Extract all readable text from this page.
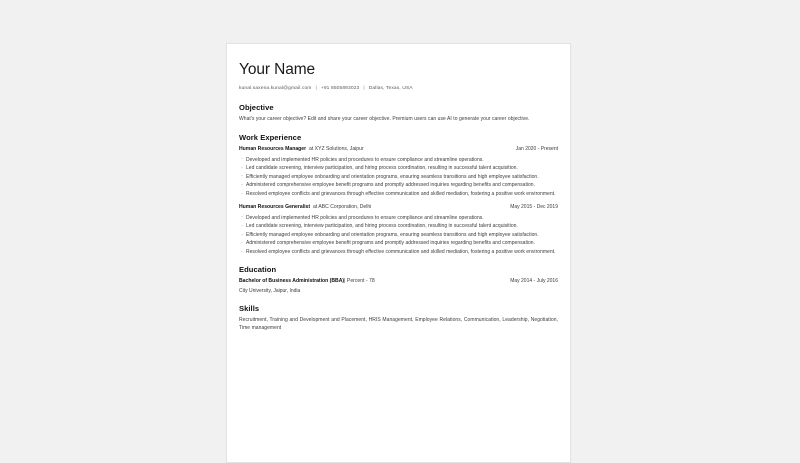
Your Name
kunal.saxena.kunal@gmail.com | +91 8505893023 | Dallas, Texas, USA
Objective

What's your career objective? Edit and share your career objective. Premium users can use AI to generate your career objective.

Work Experience
Human Resources Manager at XYZ Solutions, Jaipur	Jan 2020 - Present
· Developed and implemented HR policies and procedures to ensure compliance and streamline operations.
· Led candidate screening, interview participation, and hiring process coordination, resulting in successful talent acquisition.
· Efficiently managed employee onboarding and orientation programs, ensuring seamless transitions and high employee satisfaction.
· Administered comprehensive employee benefit programs and promptly addressed inquiries regarding benefits and compensation.
· Resolved employee conflicts and grievances through effective communication and skilled mediation, fostering a positive work environment.
Human Resources Generalist at ABC Corporation, Delhi	May 2015 - Dec 2019
· Developed and implemented HR policies and procedures to ensure compliance and streamline operations.
· Led candidate screening, interview participation, and hiring process coordination, resulting in successful talent acquisition.
· Efficiently managed employee onboarding and orientation programs, ensuring seamless transitions and high employee satisfaction.
· Administered comprehensive employee benefit programs and promptly addressed inquiries regarding benefits and compensation.
· Resolved employee conflicts and grievances through effective communication and skilled mediation, fostering a positive work environment.
Education
Bachelor of Business Administration (BBA)| Percent - 78	May 2014 - July 2016

City University, Jaipur, India

Skills

Recruitment, Training and Development and Placement, HRIS Management, Employee Relations, Communication, Leadership, Negotiation, Time management
